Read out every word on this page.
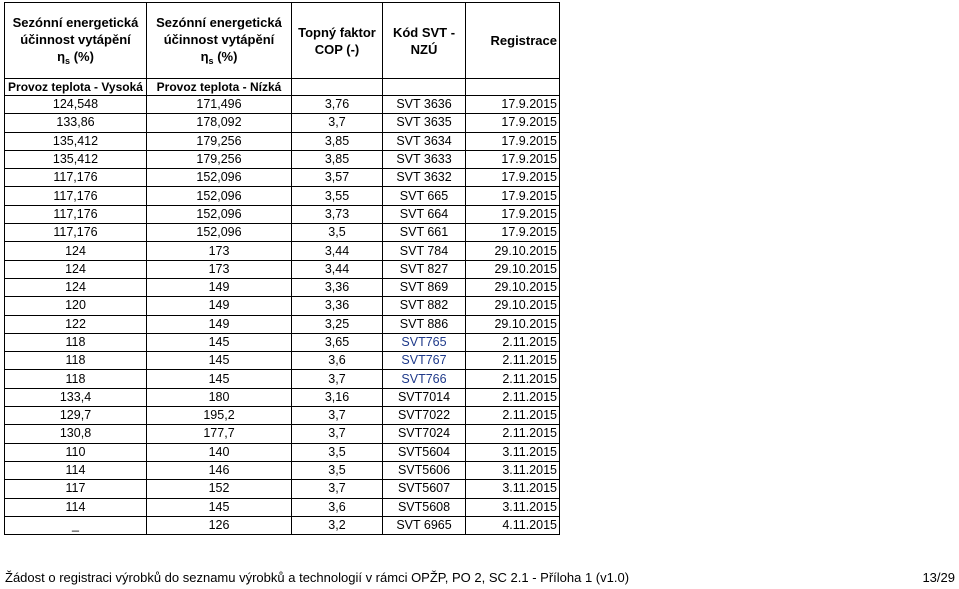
Sezónní energetická
účinnost vytápění
$\eta_s$ (%)	Sezónní energetická
účinnost vytápění
$\eta_s$ (%)	Topný faktor
COP (-)	Kód SVT -
NZÚ	Registrace
Provoz teplota - Vysoká	Provoz teplota - Nízká			
124,548	171,496	3,76	SVT 3636	17.9.2015
133,86	178,092	3,7	SVT 3635	17.9.2015
135,412	179,256	3,85	SVT 3634	17.9.2015
135,412	179,256	3,85	SVT 3633	17.9.2015
117,176	152,096	3,57	SVT 3632	17.9.2015
117,176	152,096	3,55	SVT 665	17.9.2015
117,176	152,096	3,73	SVT 664	17.9.2015
117,176	152,096	3,5	SVT 661	17.9.2015
124	173	3,44	SVT 784	29.10.2015
124	173	3,44	SVT 827	29.10.2015
124	149	3,36	SVT 869	29.10.2015
120	149	3,36	SVT 882	29.10.2015
122	149	3,25	SVT 886	29.10.2015
118	145	3,65	SVT765	2.11.2015
118	145	3,6	SVT767	2.11.2015
118	145	3,7	SVT766	2.11.2015
133,4	180	3,16	SVT7014	2.11.2015
129,7	195,2	3,7	SVT7022	2.11.2015
130,8	177,7	3,7	SVT7024	2.11.2015
110	140	3,5	SVT5604	3.11.2015
114	146	3,5	SVT5606	3.11.2015
117	152	3,7	SVT5607	3.11.2015
114	145	3,6	SVT5608	3.11.2015
_	126	3,2	SVT 6965	4.11.2015
Žádost o registraci výrobků do seznamu výrobků a technologií v rámci OPŽP, PO 2, SC 2.1 - Příloha 1 (v1.0)	13/29
